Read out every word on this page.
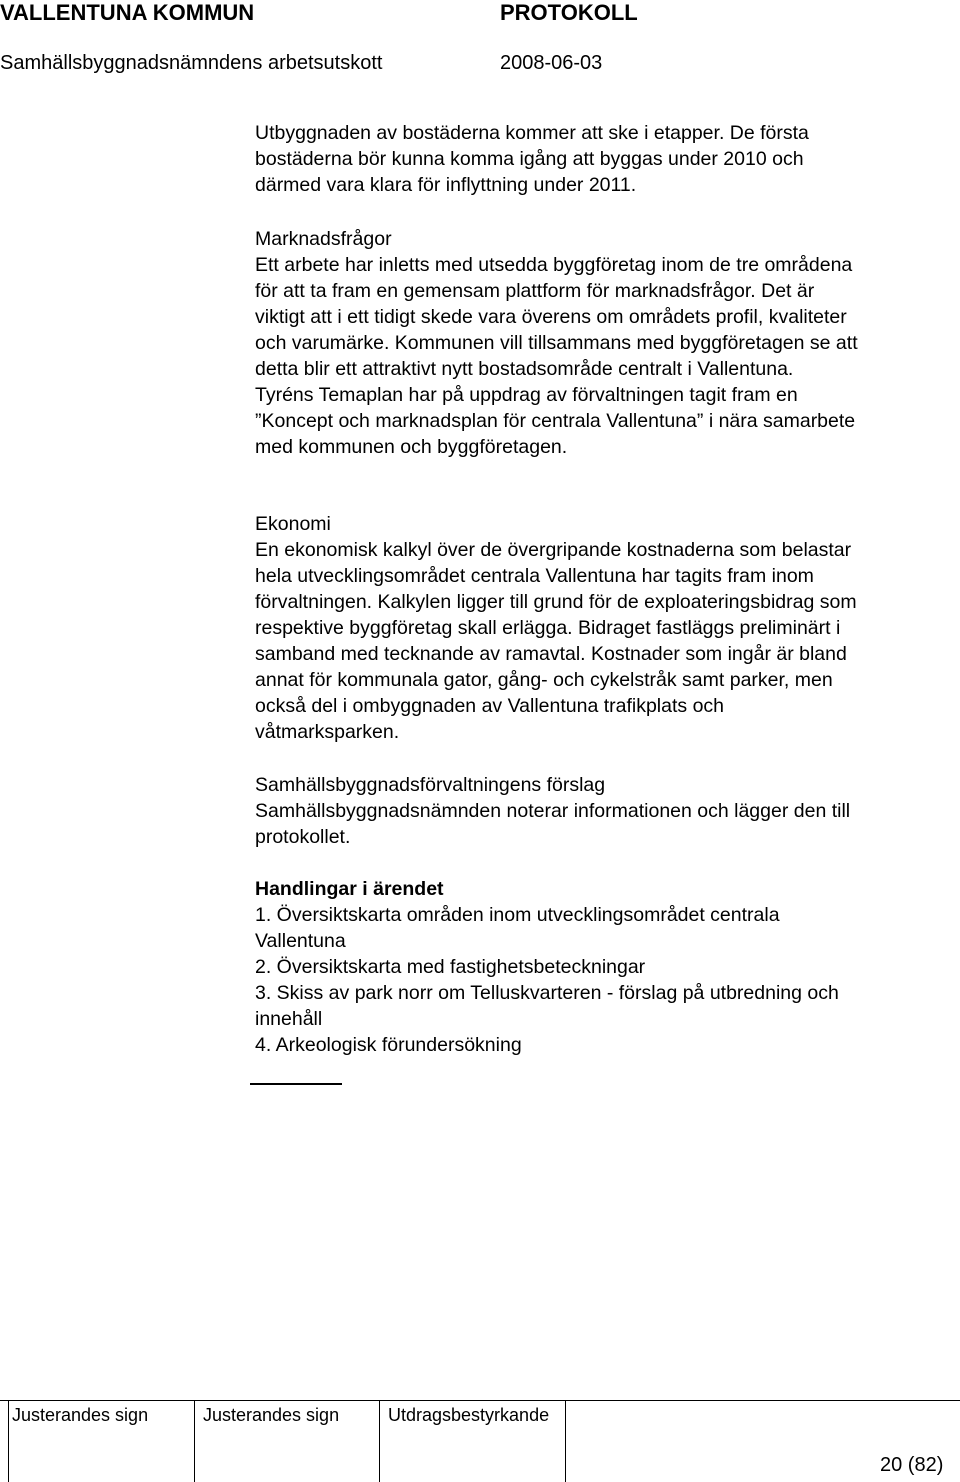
VALLENTUNA KOMMUN	PROTOKOLL
Samhällsbyggnadsnämndens arbetsutskott	2008-06-03
Utbyggnaden av bostäderna kommer att ske i etapper. De första
bostäderna bör kunna komma igång att byggas under 2010 och
därmed vara klara för inflyttning under 2011.
Marknadsfrågor
Ett arbete har inletts med utsedda byggföretag inom de tre områdena
för att ta fram en gemensam plattform för marknadsfrågor. Det är
viktigt att i ett tidigt skede vara överens om områdets profil, kvaliteter
och varumärke. Kommunen vill tillsammans med byggföretagen se att
detta blir ett attraktivt nytt bostadsområde centralt i Vallentuna.
Tyréns Temaplan har på uppdrag av förvaltningen tagit fram en
”Koncept och marknadsplan för centrala Vallentuna” i nära samarbete
med kommunen och byggföretagen.
Ekonomi
En ekonomisk kalkyl över de övergripande kostnaderna som belastar
hela utvecklingsområdet centrala Vallentuna har tagits fram inom
förvaltningen. Kalkylen ligger till grund för de exploateringsbidrag som
respektive byggföretag skall erlägga. Bidraget fastläggs preliminärt i
samband med tecknande av ramavtal. Kostnader som ingår är bland
annat för kommunala gator, gång- och cykelstråk samt parker, men
också del i ombyggnaden av Vallentuna trafikplats och
våtmarksparken.
Samhällsbyggnadsförvaltningens förslag
Samhällsbyggnadsnämnden noterar informationen och lägger den till
protokollet.
Handlingar i ärendet
1. Översiktskarta områden inom utvecklingsområdet centrala
Vallentuna
2. Översiktskarta med fastighetsbeteckningar
3. Skiss av park norr om Telluskvarteren - förslag på utbredning och
innehåll
4. Arkeologisk förundersökning
Justerandes sign	Justerandes sign	Utdragsbestyrkande
20 (82)
